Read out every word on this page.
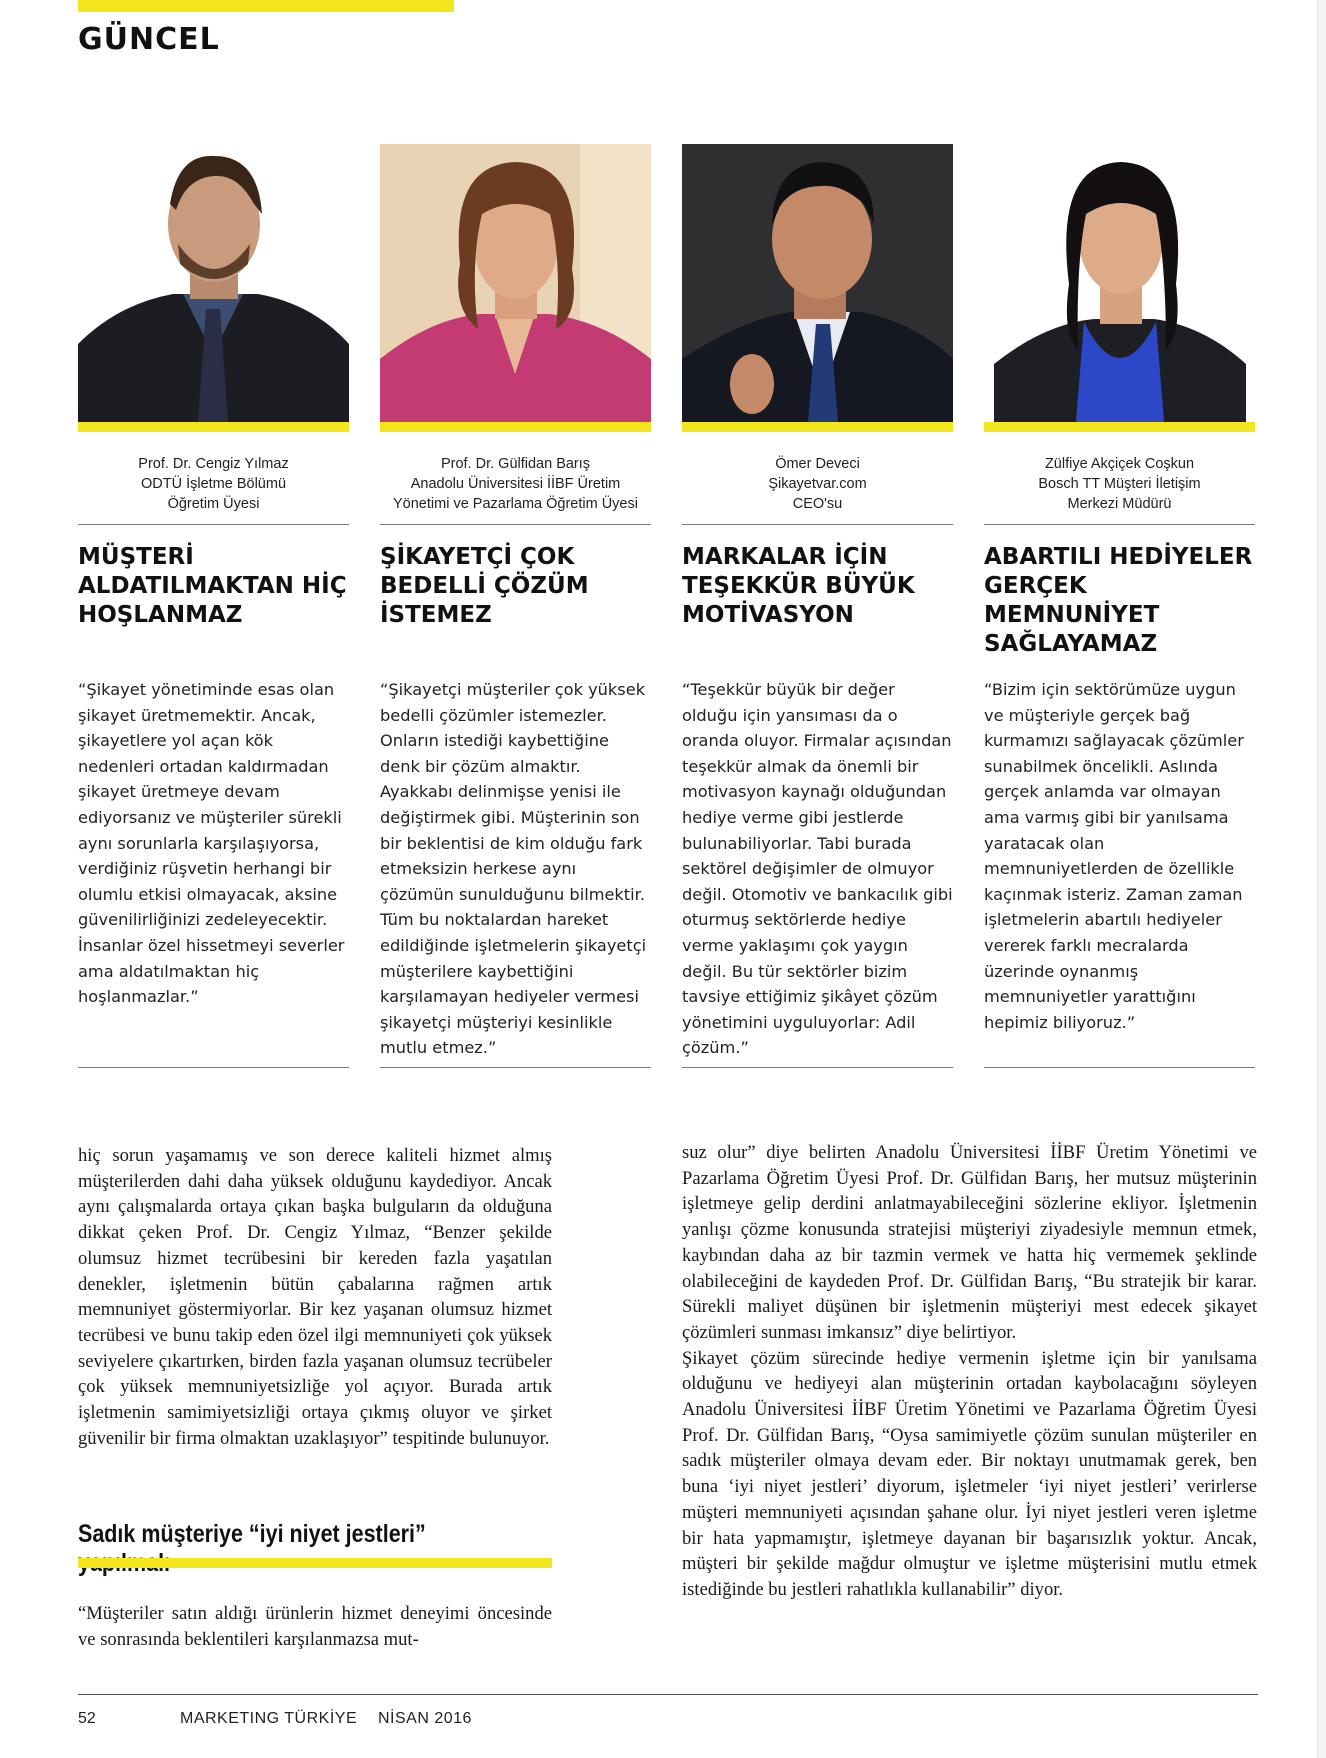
GÜNCEL
Prof. Dr. Cengiz Yılmaz
ODTÜ İşletme Bölümü
Öğretim Üyesi
MÜŞTERİ ALDATILMAKTAN HİÇ HOŞLANMAZ
“Şikayet yönetiminde esas olan şikayet üretmemektir. Ancak, şikayetlere yol açan kök nedenleri ortadan kaldırmadan şikayet üretmeye devam ediyorsanız ve müşteriler sürekli aynı sorunlarla karşılaşıyorsa, verdiğiniz rüşvetin herhangi bir olumlu etkisi olmayacak, aksine güvenilirliğinizi zedeleyecektir. İnsanlar özel hissetmeyi severler ama aldatılmaktan hiç hoşlanmazlar.”
Prof. Dr. Gülfidan Barış
Anadolu Üniversitesi İİBF Üretim
Yönetimi ve Pazarlama Öğretim Üyesi
ŞİKAYETÇİ ÇOK BEDELLİ ÇÖZÜM İSTEMEZ
“Şikayetçi müşteriler çok yüksek bedelli çözümler istemezler. Onların istediği kaybettiğine denk bir çözüm almaktır. Ayakkabı delinmişse yenisi ile değiştirmek gibi. Müşterinin son bir beklentisi de kim olduğu fark etmeksizin herkese aynı çözümün sunulduğunu bilmektir. Tüm bu noktalardan hareket edildiğinde işletmelerin şikayetçi müşterilere kaybettiğini karşılamayan hediyeler vermesi şikayetçi müşteriyi kesinlikle mutlu etmez.”
Ömer Deveci
Şikayetvar.com
CEO'su
MARKALAR İÇİN TEŞEKKÜR BÜYÜK MOTİVASYON
“Teşekkür büyük bir değer olduğu için yansıması da o oranda oluyor. Firmalar açısından teşekkür almak da önemli bir motivasyon kaynağı olduğundan hediye verme gibi jestlerde bulunabiliyorlar. Tabi burada sektörel değişimler de olmuyor değil. Otomotiv ve bankacılık gibi oturmuş sektörlerde hediye verme yaklaşımı çok yaygın değil. Bu tür sektörler bizim tavsiye ettiğimiz şikâyet çözüm yönetimini uyguluyorlar: Adil çözüm.”
Zülfiye Akçiçek Coşkun
Bosch TT Müşteri İletişim
Merkezi Müdürü
ABARTILI HEDİYELER GERÇEK MEMNUNİYET SAĞLAYAMAZ
“Bizim için sektörümüze uygun ve müşteriyle gerçek bağ kurmamızı sağlayacak çözümler sunabilmek öncelikli. Aslında gerçek anlamda var olmayan ama varmış gibi bir yanılsama yaratacak olan memnuniyetlerden de özellikle kaçınmak isteriz. Zaman zaman işletmelerin abartılı hediyeler vererek farklı mecralarda üzerinde oynanmış memnuniyetler yarattığını hepimiz biliyoruz.”
hiç sorun yaşamamış ve son derece kaliteli hizmet almış müşterilerden dahi daha yüksek olduğunu kaydediyor. Ancak aynı çalışmalarda ortaya çıkan başka bulguların da olduğuna dikkat çeken Prof. Dr. Cengiz Yılmaz, “Benzer şekilde olumsuz hizmet tecrübesini bir kereden fazla yaşatılan denekler, işletmenin bütün çabalarına rağmen artık memnuniyet göstermiyorlar. Bir kez yaşanan olumsuz hizmet tecrübesi ve bunu takip eden özel ilgi memnuniyeti çok yüksek seviyelere çıkartırken, birden fazla yaşanan olumsuz tecrübeler çok yüksek memnuniyetsizliğe yol açıyor. Burada artık işletmenin samimiyetsizliği ortaya çıkmış oluyor ve şirket güvenilir bir firma olmaktan uzaklaşıyor” tespitinde bulunuyor.
Sadık müşteriye “iyi niyet jestleri”
“Müşteriler satın aldığı ürünlerin hizmet deneyimi öncesinde ve sonrasında beklentileri karşılanmazsa mut-
suz olur” diye belirten Anadolu Üniversitesi İİBF Üretim Yönetimi ve Pazarlama Öğretim Üyesi Prof. Dr. Gülfidan Barış, her mutsuz müşterinin işletmeye gelip derdini anlatmayabileceğini sözlerine ekliyor. İşletmenin yanlışı çözme konusunda stratejisi müşteriyi ziyadesiyle memnun etmek, kaybından daha az bir tazmin vermek ve hatta hiç vermemek şeklinde olabileceğini de kaydeden Prof. Dr. Gülfidan Barış, “Bu stratejik bir karar. Sürekli maliyet düşünen bir işletmenin müşteriyi mest edecek şikayet çözümleri sunması imkansız” diye belirtiyor.
Şikayet çözüm sürecinde hediye vermenin işletme için bir yanılsama olduğunu ve hediyeyi alan müşterinin ortadan kaybolacağını söyleyen Anadolu Üniversitesi İİBF Üretim Yönetimi ve Pazarlama Öğretim Üyesi Prof. Dr. Gülfidan Barış, “Oysa samimiyetle çözüm sunulan müşteriler en sadık müşteriler olmaya devam eder. Bir noktayı unutmamak gerek, ben buna ‘iyi niyet jestleri’ diyorum, işletmeler ‘iyi niyet jestleri’ verirlerse müşteri memnuniyeti açısından şahane olur. İyi niyet jestleri veren işletme bir hata yapmamıştır, işletmeye dayanan bir başarısızlık yoktur. Ancak, müşteri bir şekilde mağdur olmuştur ve işletme müşterisini mutlu etmek istediğinde bu jestleri rahatlıkla kullanabilir” diyor.
52	MARKETING TÜRKİYE NİSAN 2016
